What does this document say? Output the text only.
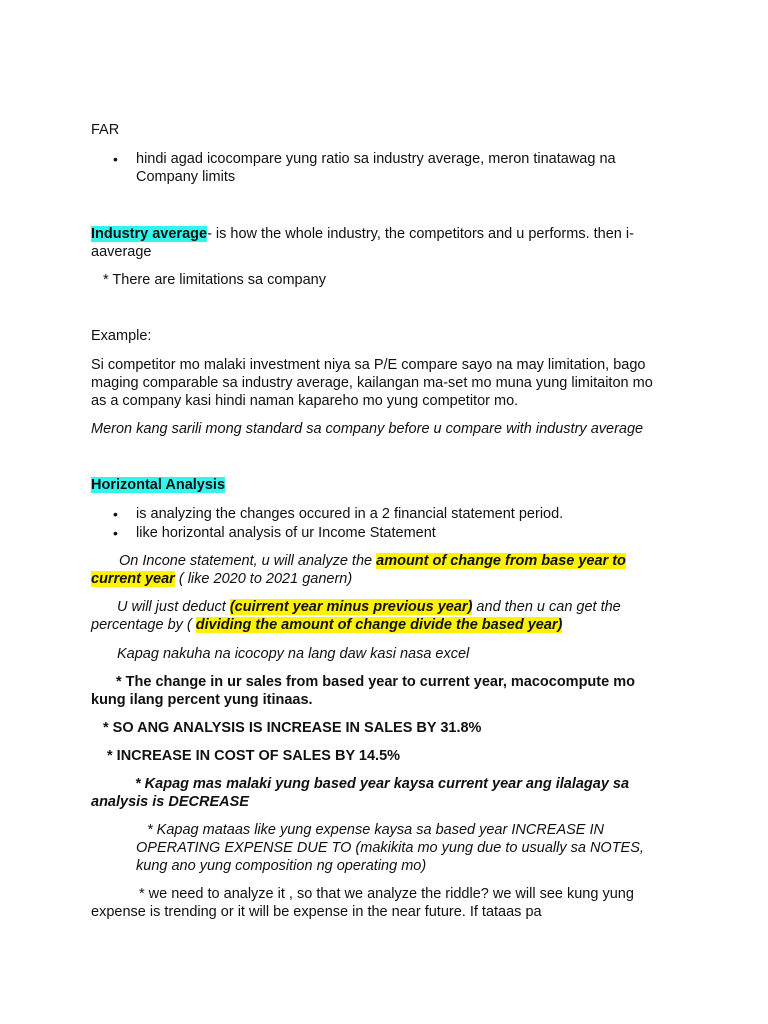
FAR
• hindi agad icocompare yung ratio sa industry average, meron tinatawag na
Company limits
Industry average- is how the whole industry, the competitors and u performs. then i-
aaverage
* There are limitations sa company
Example:
Si competitor mo malaki investment niya sa P/E compare sayo na may limitation, bago
maging comparable sa industry average, kailangan ma-set mo muna yung limitaiton mo
as a company kasi hindi naman kapareho mo yung competitor mo.
Meron kang sarili mong standard sa company before u compare with industry average
Horizontal Analysis
• is analyzing the changes occured in a 2 financial statement period.
• like horizontal analysis of ur Income Statement
On Incone statement, u will analyze the amount of change from base year to
current year ( like 2020 to 2021 ganern)
U will just deduct (cuirrent year minus previous year) and then u can get the
percentage by ( dividing the amount of change divide the based year)
Kapag nakuha na icocopy na lang daw kasi nasa excel
* The change in ur sales from based year to current year, macocompute mo
kung ilang percent yung itinaas.
* SO ANG ANALYSIS IS INCREASE IN SALES BY 31.8%
* INCREASE IN COST OF SALES BY 14.5%
* Kapag mas malaki yung based year kaysa current year ang ilalagay sa
analysis is DECREASE
* Kapag mataas like yung expense kaysa sa based year INCREASE IN
OPERATING EXPENSE DUE TO (makikita mo yung due to usually sa NOTES,
kung ano yung composition ng operating mo)
* we need to analyze it , so that we analyze the riddle? we will see kung yung
expense is trending or it will be expense in the near future. If tataas pa
